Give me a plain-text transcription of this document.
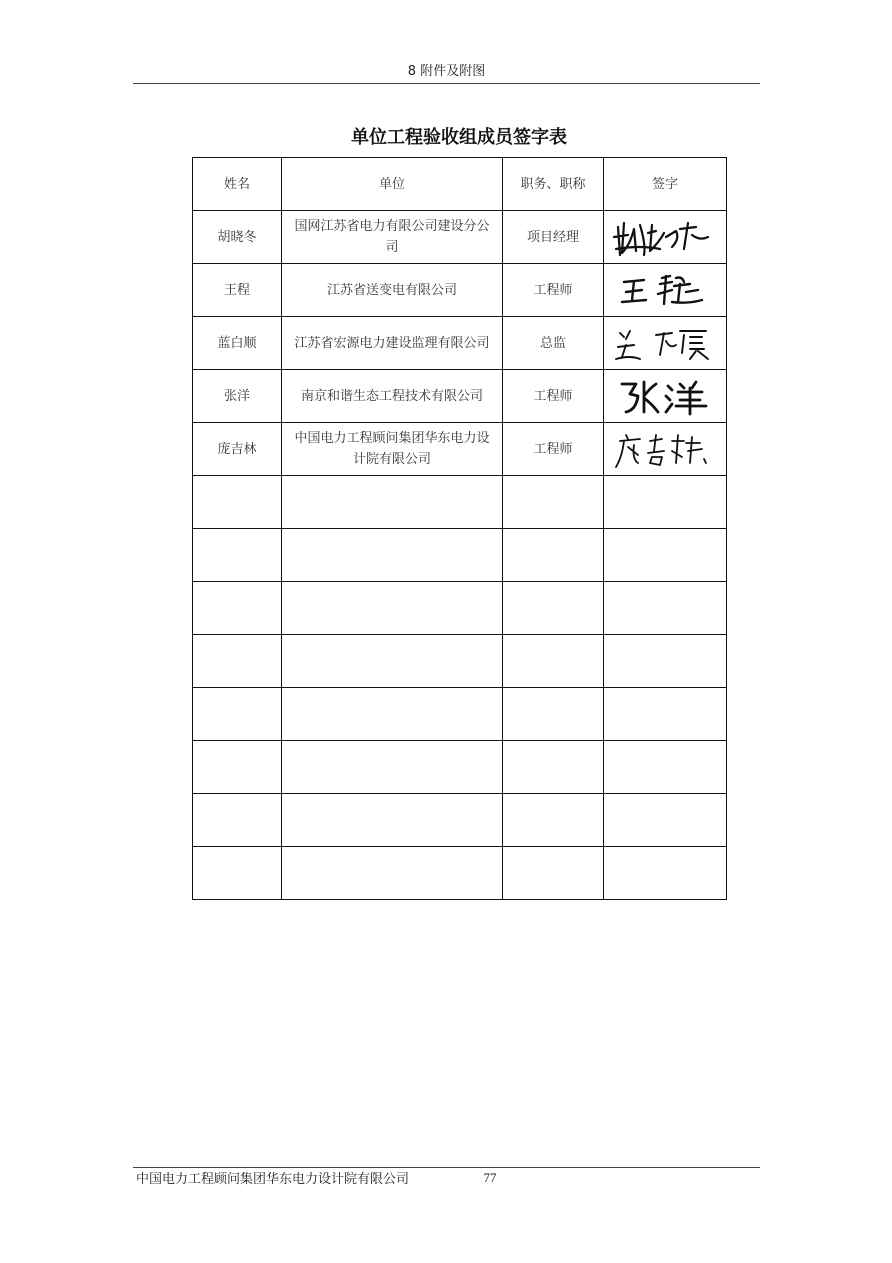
8 附件及附图
单位工程验收组成员签字表
姓名	单位	职务、职称	签字
胡晓冬	国网江苏省电力有限公司建设分公司	项目经理	

王程	江苏省送变电有限公司	工程师	

蓝白顺	江苏省宏源电力建设监理有限公司	总监	

张洋	南京和谐生态工程技术有限公司	工程师	

庞吉林	中国电力工程顾问集团华东电力设计院有限公司	工程师	

中国电力工程顾问集团华东电力设计院有限公司	77
